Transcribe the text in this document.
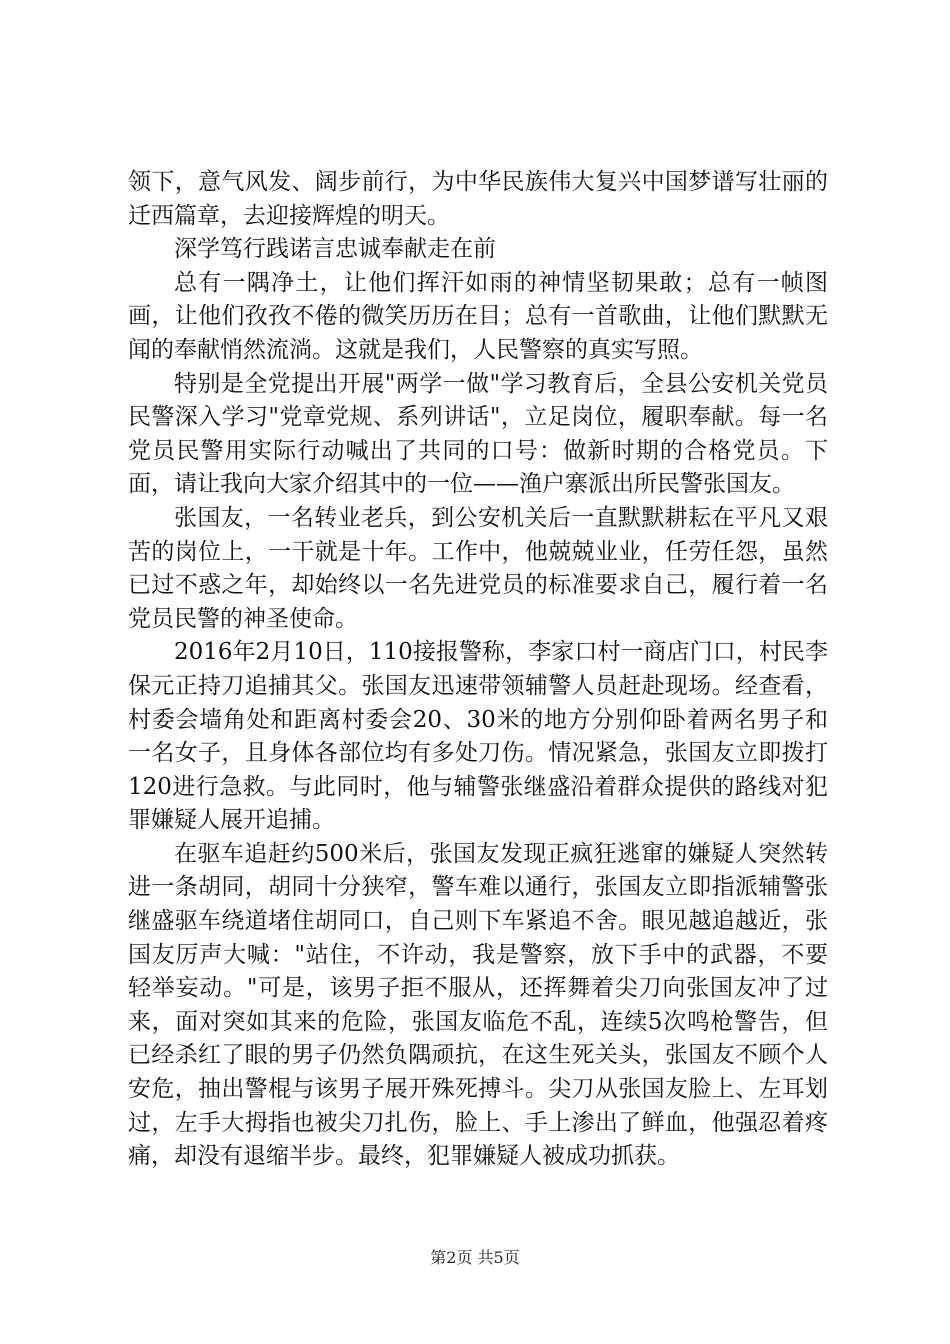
领下，意气风发、阔步前行，为中华民族伟大复兴中国梦谱写壮丽的迁西篇章，去迎接辉煌的明天。

深学笃行践诺言忠诚奉献走在前

总有一隅净土，让他们挥汗如雨的神情坚韧果敢；总有一帧图画，让他们孜孜不倦的微笑历历在目；总有一首歌曲，让他们默默无闻的奉献悄然流淌。这就是我们，人民警察的真实写照。

特别是全党提出开展"两学一做"学习教育后，全县公安机关党员民警深入学习"党章党规、系列讲话"，立足岗位，履职奉献。每一名党员民警用实际行动喊出了共同的口号：做新时期的合格党员。下面，请让我向大家介绍其中的一位——渔户寨派出所民警张国友。

张国友，一名转业老兵，到公安机关后一直默默耕耘在平凡又艰苦的岗位上，一干就是十年。工作中，他兢兢业业，任劳任怨，虽然已过不惑之年，却始终以一名先进党员的标准要求自己，履行着一名党员民警的神圣使命。

2016年2月10日，110接报警称，李家口村一商店门口，村民李保元正持刀追捕其父。张国友迅速带领辅警人员赶赴现场。经查看，村委会墙角处和距离村委会20、30米的地方分别仰卧着两名男子和一名女子，且身体各部位均有多处刀伤。情况紧急，张国友立即拨打120进行急救。与此同时，他与辅警张继盛沿着群众提供的路线对犯罪嫌疑人展开追捕。

在驱车追赶约500米后，张国友发现正疯狂逃窜的嫌疑人突然转进一条胡同，胡同十分狭窄，警车难以通行，张国友立即指派辅警张继盛驱车绕道堵住胡同口，自己则下车紧追不舍。眼见越追越近，张国友厉声大喊："站住，不许动，我是警察，放下手中的武器，不要轻举妄动。"可是，该男子拒不服从，还挥舞着尖刀向张国友冲了过来，面对突如其来的危险，张国友临危不乱，连续5次鸣枪警告，但已经杀红了眼的男子仍然负隅顽抗，在这生死关头，张国友不顾个人安危，抽出警棍与该男子展开殊死搏斗。尖刀从张国友脸上、左耳划过，左手大拇指也被尖刀扎伤，脸上、手上渗出了鲜血，他强忍着疼痛，却没有退缩半步。最终，犯罪嫌疑人被成功抓获。

第2页 共5页
